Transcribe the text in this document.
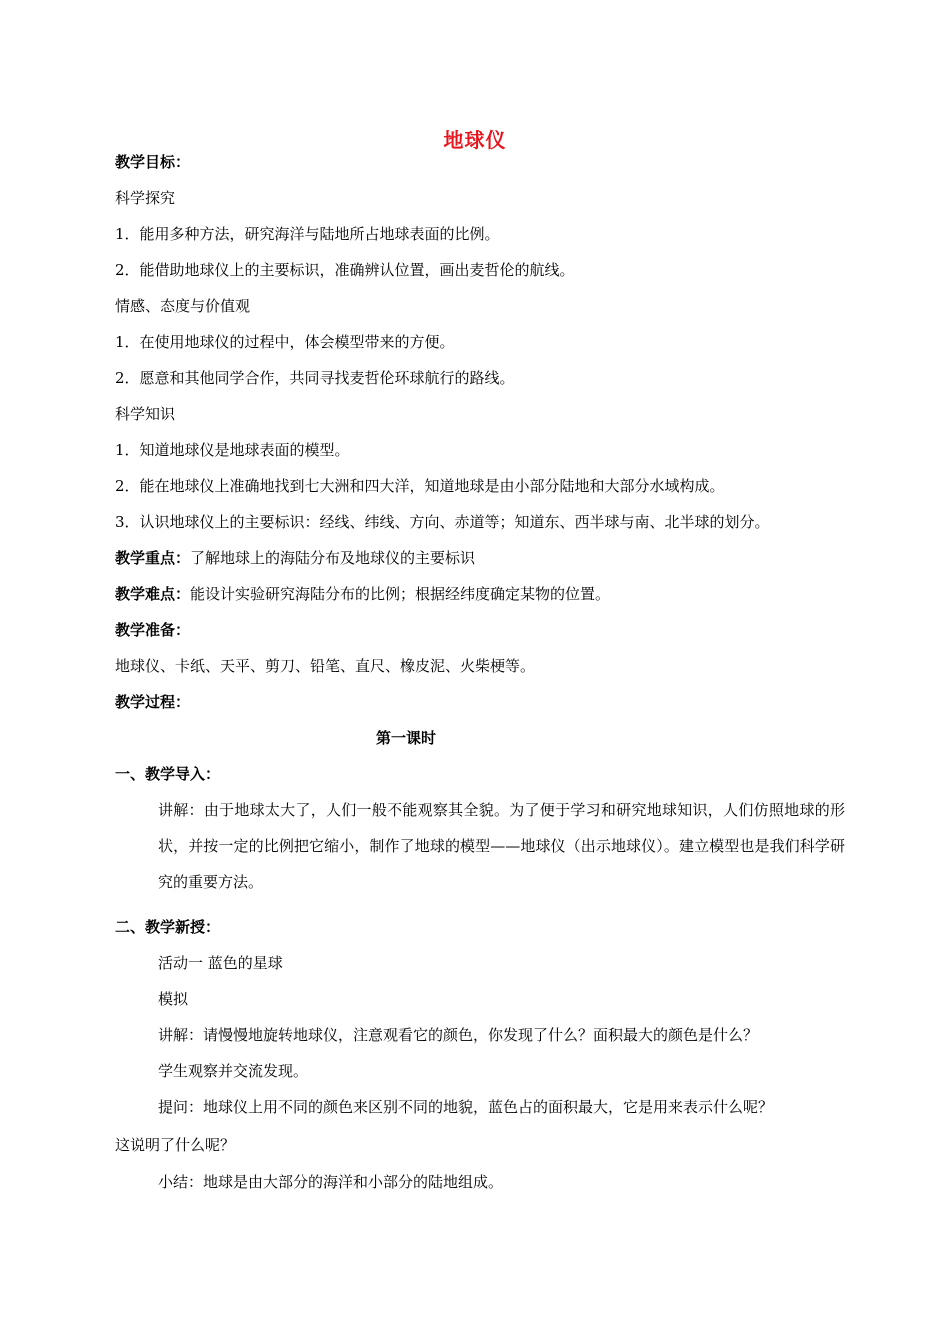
地球仪
教学目标：
科学探究
1．能用多种方法，研究海洋与陆地所占地球表面的比例。
2．能借助地球仪上的主要标识，准确辨认位置，画出麦哲伦的航线。
情感、态度与价值观
1．在使用地球仪的过程中，体会模型带来的方便。
2．愿意和其他同学合作，共同寻找麦哲伦环球航行的路线。
科学知识
1．知道地球仪是地球表面的模型。
2．能在地球仪上准确地找到七大洲和四大洋，知道地球是由小部分陆地和大部分水域构成。
3．认识地球仪上的主要标识：经线、纬线、方向、赤道等；知道东、西半球与南、北半球的划分。
教学重点：了解地球上的海陆分布及地球仪的主要标识
教学难点：能设计实验研究海陆分布的比例；根据经纬度确定某物的位置。
教学准备：
地球仪、卡纸、天平、剪刀、铅笔、直尺、橡皮泥、火柴梗等。
教学过程：
第一课时
一、教学导入：
讲解：由于地球太大了，人们一般不能观察其全貌。为了便于学习和研究地球知识，人们仿照地球的形状，并按一定的比例把它缩小，制作了地球的模型——地球仪（出示地球仪）。建立模型也是我们科学研究的重要方法。
二、教学新授：
活动一 蓝色的星球
模拟
讲解：请慢慢地旋转地球仪，注意观看它的颜色，你发现了什么？面积最大的颜色是什么？
学生观察并交流发现。
提问：地球仪上用不同的颜色来区别不同的地貌，蓝色占的面积最大，它是用来表示什么呢？
这说明了什么呢？
小结：地球是由大部分的海洋和小部分的陆地组成。
